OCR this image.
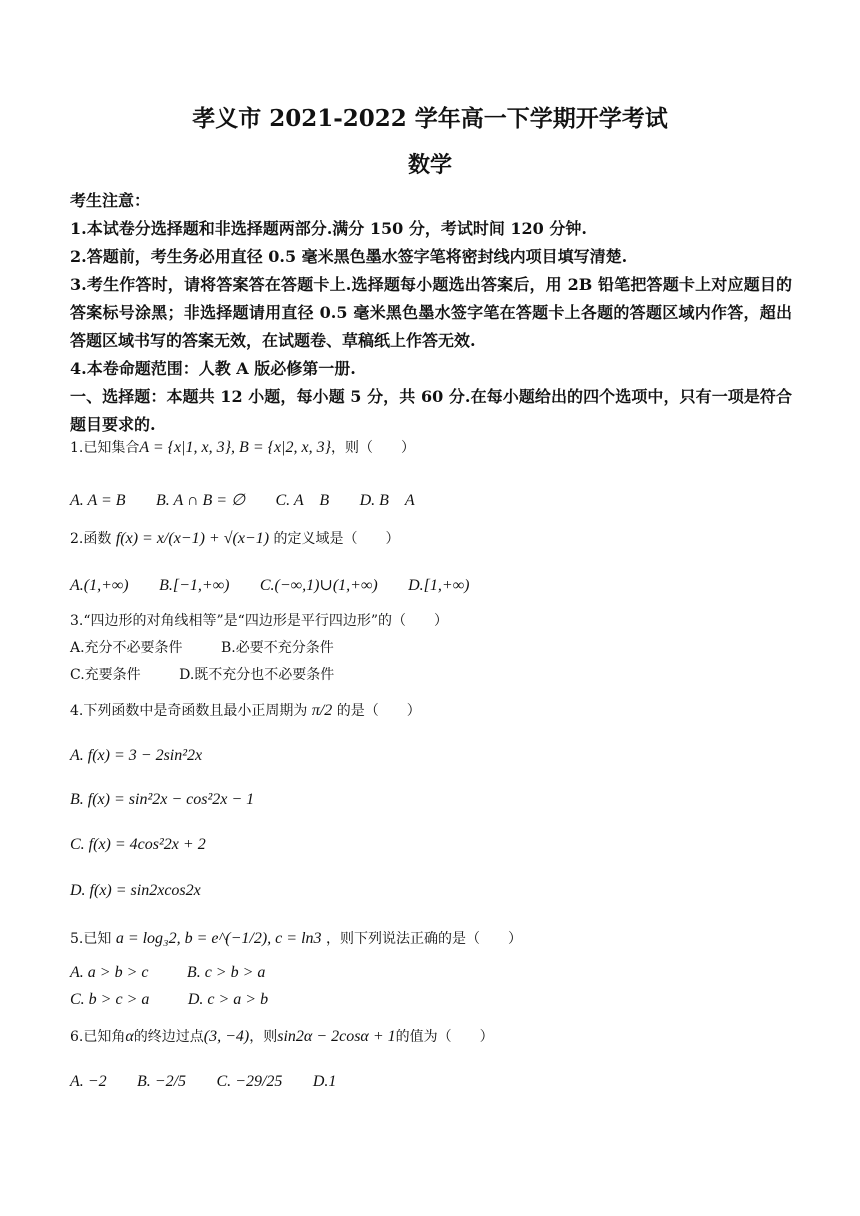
孝义市 2021-2022 学年高一下学期开学考试
数学
考生注意：
1.本试卷分选择题和非选择题两部分.满分 150 分，考试时间 120 分钟.
2.答题前，考生务必用直径 0.5 毫米黑色墨水签字笔将密封线内项目填写清楚.
3.考生作答时，请将答案答在答题卡上.选择题每小题选出答案后，用 2B 铅笔把答题卡上对应题目的答案标号涂黑；非选择题请用直径 0.5 毫米黑色墨水签字笔在答题卡上各题的答题区域内作答，超出答题区域书写的答案无效，在试题卷、草稿纸上作答无效.
4.本卷命题范围：人教 A 版必修第一册.
一、选择题：本题共 12 小题，每小题 5 分，共 60 分.在每小题给出的四个选项中，只有一项是符合题目要求的.
1.已知集合A = {x|1, x, 3}, B = {x|2, x, 3}，则（　　）
A. A = B B. A ∩ B = ∅ C. A　B D. B　A
2.函数 f(x) = x/(x−1) + √(x−1) 的定义域是（　　）
A.(1,+∞) B.[−1,+∞) C.(−∞,1)∪(1,+∞) D.[1,+∞)
3.“四边形的对角线相等”是“四边形是平行四边形”的（　　）
A.充分不必要条件	B.必要不充分条件
C.充要条件	D.既不充分也不必要条件
4.下列函数中是奇函数且最小正周期为 π/2 的是（　　）
A. f(x) = 3 − 2sin²2x
B. f(x) = sin²2x − cos²2x − 1
C. f(x) = 4cos²2x + 2
D. f(x) = sin2xcos2x
5.已知 a = log₃2, b = e^(−1/2), c = ln3 ，则下列说法正确的是（　　）
A. a > b > c B. c > b > a
C. b > c > a D. c > a > b
6.已知角α的终边过点(3, −4)，则sin2α − 2cosα + 1的值为（　　）
A. −2 B. −2/5 C. −29/25 D.1
